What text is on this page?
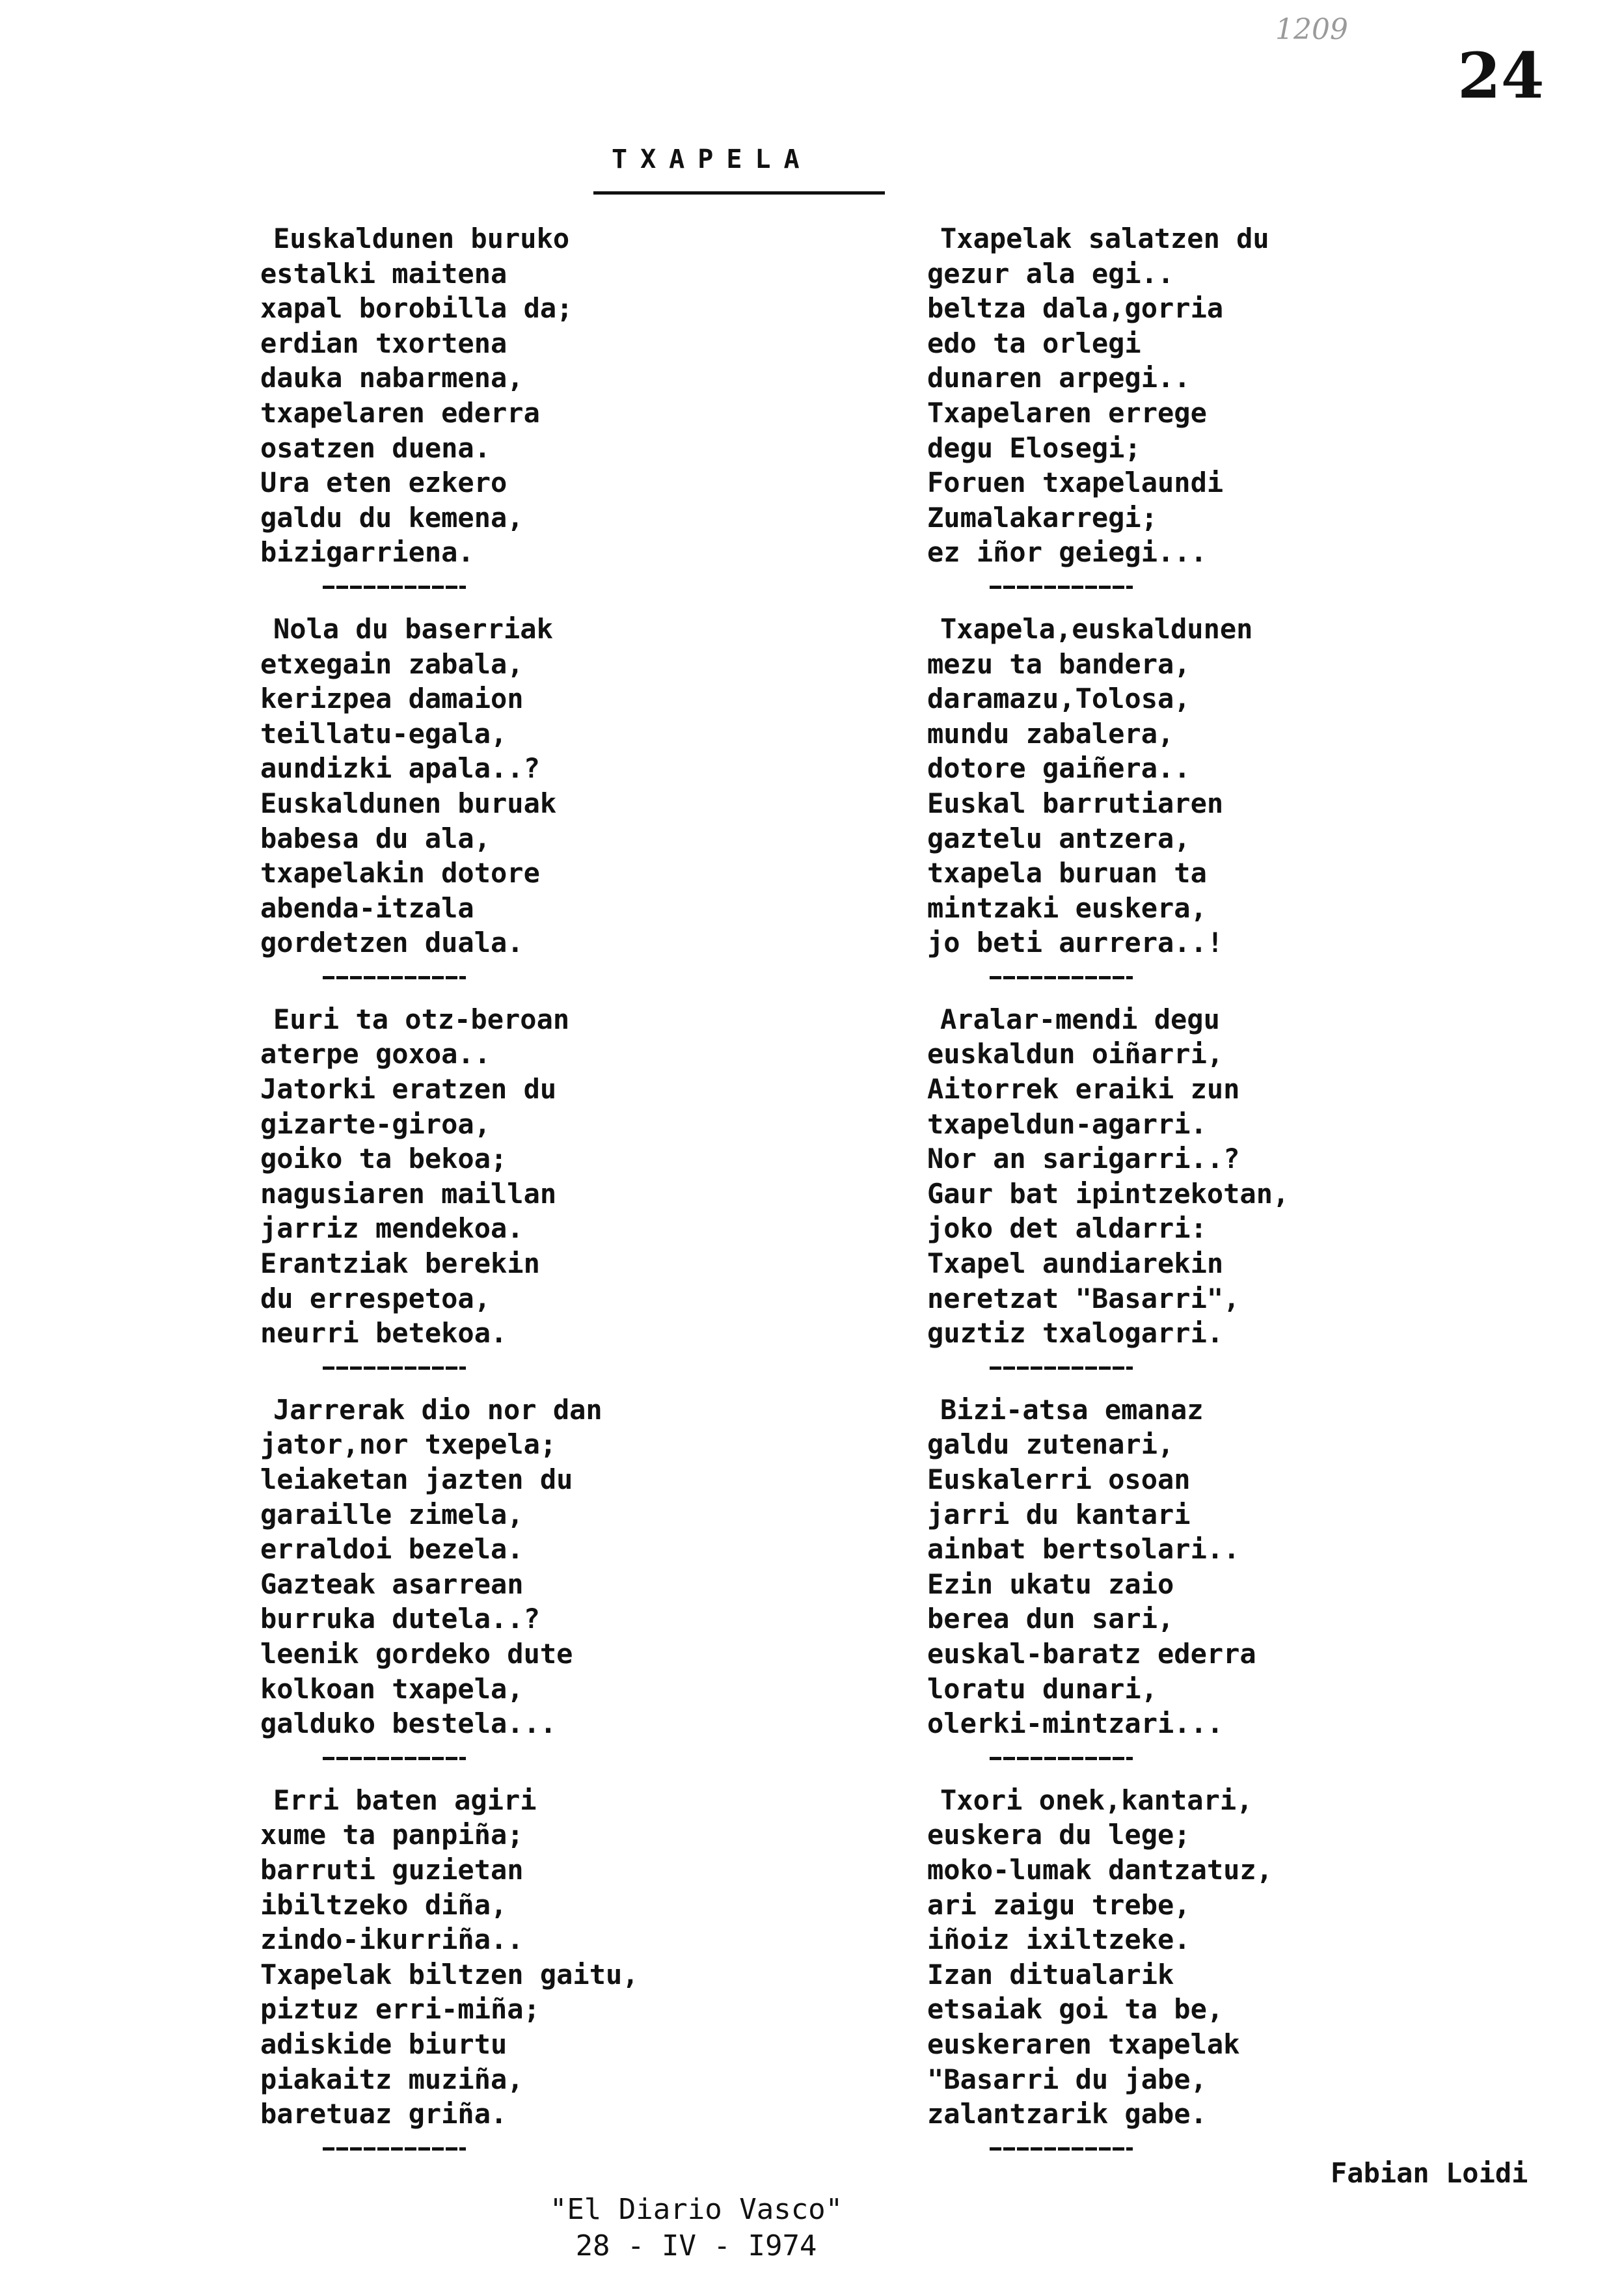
1209
24
TXAPELA
Euskaldunen buruko
estalki maitena
xapal borobilla da;
erdian txortena
dauka nabarmena,
txapelaren ederra
osatzen duena.
Ura eten ezkero
galdu du kemena,
bizigarriena.
Nola du baserriak
etxegain zabala,
kerizpea damaion
teillatu-egala,
aundizki apala..?
Euskaldunen buruak
babesa du ala,
txapelakin dotore
abenda-itzala
gordetzen duala.
Euri ta otz-beroan
aterpe goxoa..
Jatorki eratzen du
gizarte-giroa,
goiko ta bekoa;
nagusiaren maillan
jarriz mendekoa.
Erantziak berekin
du errespetoa,
neurri betekoa.
Jarrerak dio nor dan
jator,nor txepela;
leiaketan jazten du
garaille zimela,
erraldoi bezela.
Gazteak asarrean
burruka dutela..?
leenik gordeko dute
kolkoan txapela,
galduko bestela...
Erri baten agiri
xume ta panpiña;
barruti guzietan
ibiltzeko diña,
zindo-ikurriña..
Txapelak biltzen gaitu,
piztuz erri-miña;
adiskide biurtu
piakaitz muziña,
baretuaz griña.
Txapelak salatzen du
gezur ala egi..
beltza dala,gorria
edo ta orlegi
dunaren arpegi..
Txapelaren errege
degu Elosegi;
Foruen txapelaundi
Zumalakarregi;
ez iñor geiegi...
Txapela,euskaldunen
mezu ta bandera,
daramazu,Tolosa,
mundu zabalera,
dotore gaiñera..
Euskal barrutiaren
gaztelu antzera,
txapela buruan ta
mintzaki euskera,
jo beti aurrera..!
Aralar-mendi degu
euskaldun oiñarri,
Aitorrek eraiki zun
txapeldun-agarri.
Nor an sarigarri..?
Gaur bat ipintzekotan,
joko det aldarri:
Txapel aundiarekin
neretzat "Basarri",
guztiz txalogarri.
Bizi-atsa emanaz
galdu zutenari,
Euskalerri osoan
jarri du kantari
ainbat bertsolari..
Ezin ukatu zaio
berea dun sari,
euskal-baratz ederra
loratu dunari,
olerki-mintzari...
Txori onek,kantari,
euskera du lege;
moko-lumak dantzatuz,
ari zaigu trebe,
iñoiz ixiltzeke.
Izan ditualarik
etsaiak goi ta be,
euskeraren txapelak
"Basarri du jabe,
zalantzarik gabe.
Fabian Loidi
"El Diario Vasco"
28 - IV - I974
